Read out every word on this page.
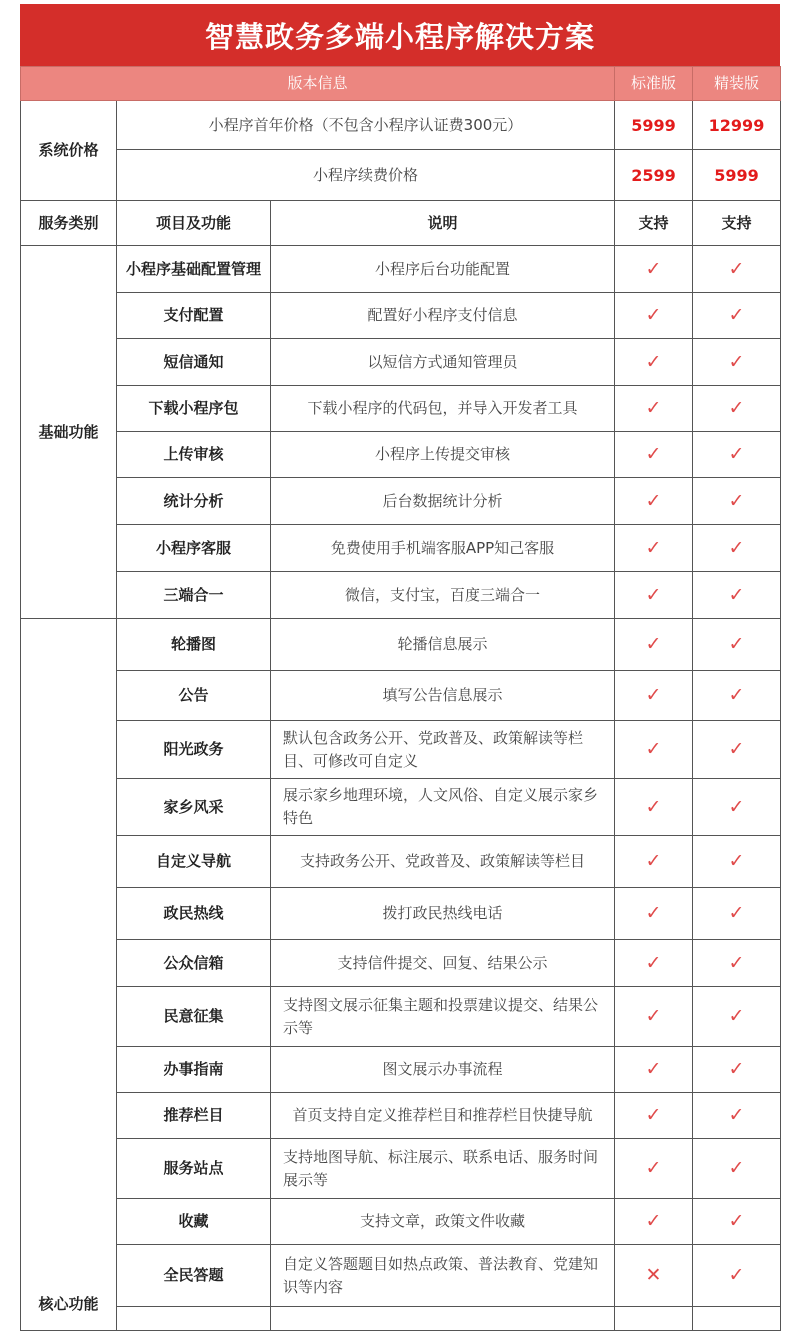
智慧政务多端小程序解决方案
版本信息			标准版	精装版
系统价格	小程序首年价格（不包含小程序认证费300元）		5999	12999
	小程序续费价格		2599	5999
服务类别	项目及功能	说明	支持	支持
基础功能	小程序基础配置管理	小程序后台功能配置	✓	✓
	支付配置	配置好小程序支付信息	✓	✓
	短信通知	以短信方式通知管理员	✓	✓
	下载小程序包	下载小程序的代码包，并导入开发者工具	✓	✓
	上传审核	小程序上传提交审核	✓	✓
	统计分析	后台数据统计分析	✓	✓
	小程序客服	免费使用手机端客服APP知己客服	✓	✓
	三端合一	微信，支付宝，百度三端合一	✓	✓
核心功能	轮播图	轮播信息展示	✓	✓
	公告	填写公告信息展示	✓	✓
	阳光政务	默认包含政务公开、党政普及、政策解读等栏目、可修改可自定义	✓	✓
	家乡风采	展示家乡地理环境，人文风俗、自定义展示家乡特色	✓	✓
	自定义导航	支持政务公开、党政普及、政策解读等栏目	✓	✓
	政民热线	拨打政民热线电话	✓	✓
	公众信箱	支持信件提交、回复、结果公示	✓	✓
	民意征集	支持图文展示征集主题和投票建议提交、结果公示等	✓	✓
	办事指南	图文展示办事流程	✓	✓
	推荐栏目	首页支持自定义推荐栏目和推荐栏目快捷导航	✓	✓
	服务站点	支持地图导航、标注展示、联系电话、服务时间展示等	✓	✓
	收藏	支持文章，政策文件收藏	✓	✓
	全民答题	自定义答题题目如热点政策、普法教育、党建知识等内容	✕	✓
